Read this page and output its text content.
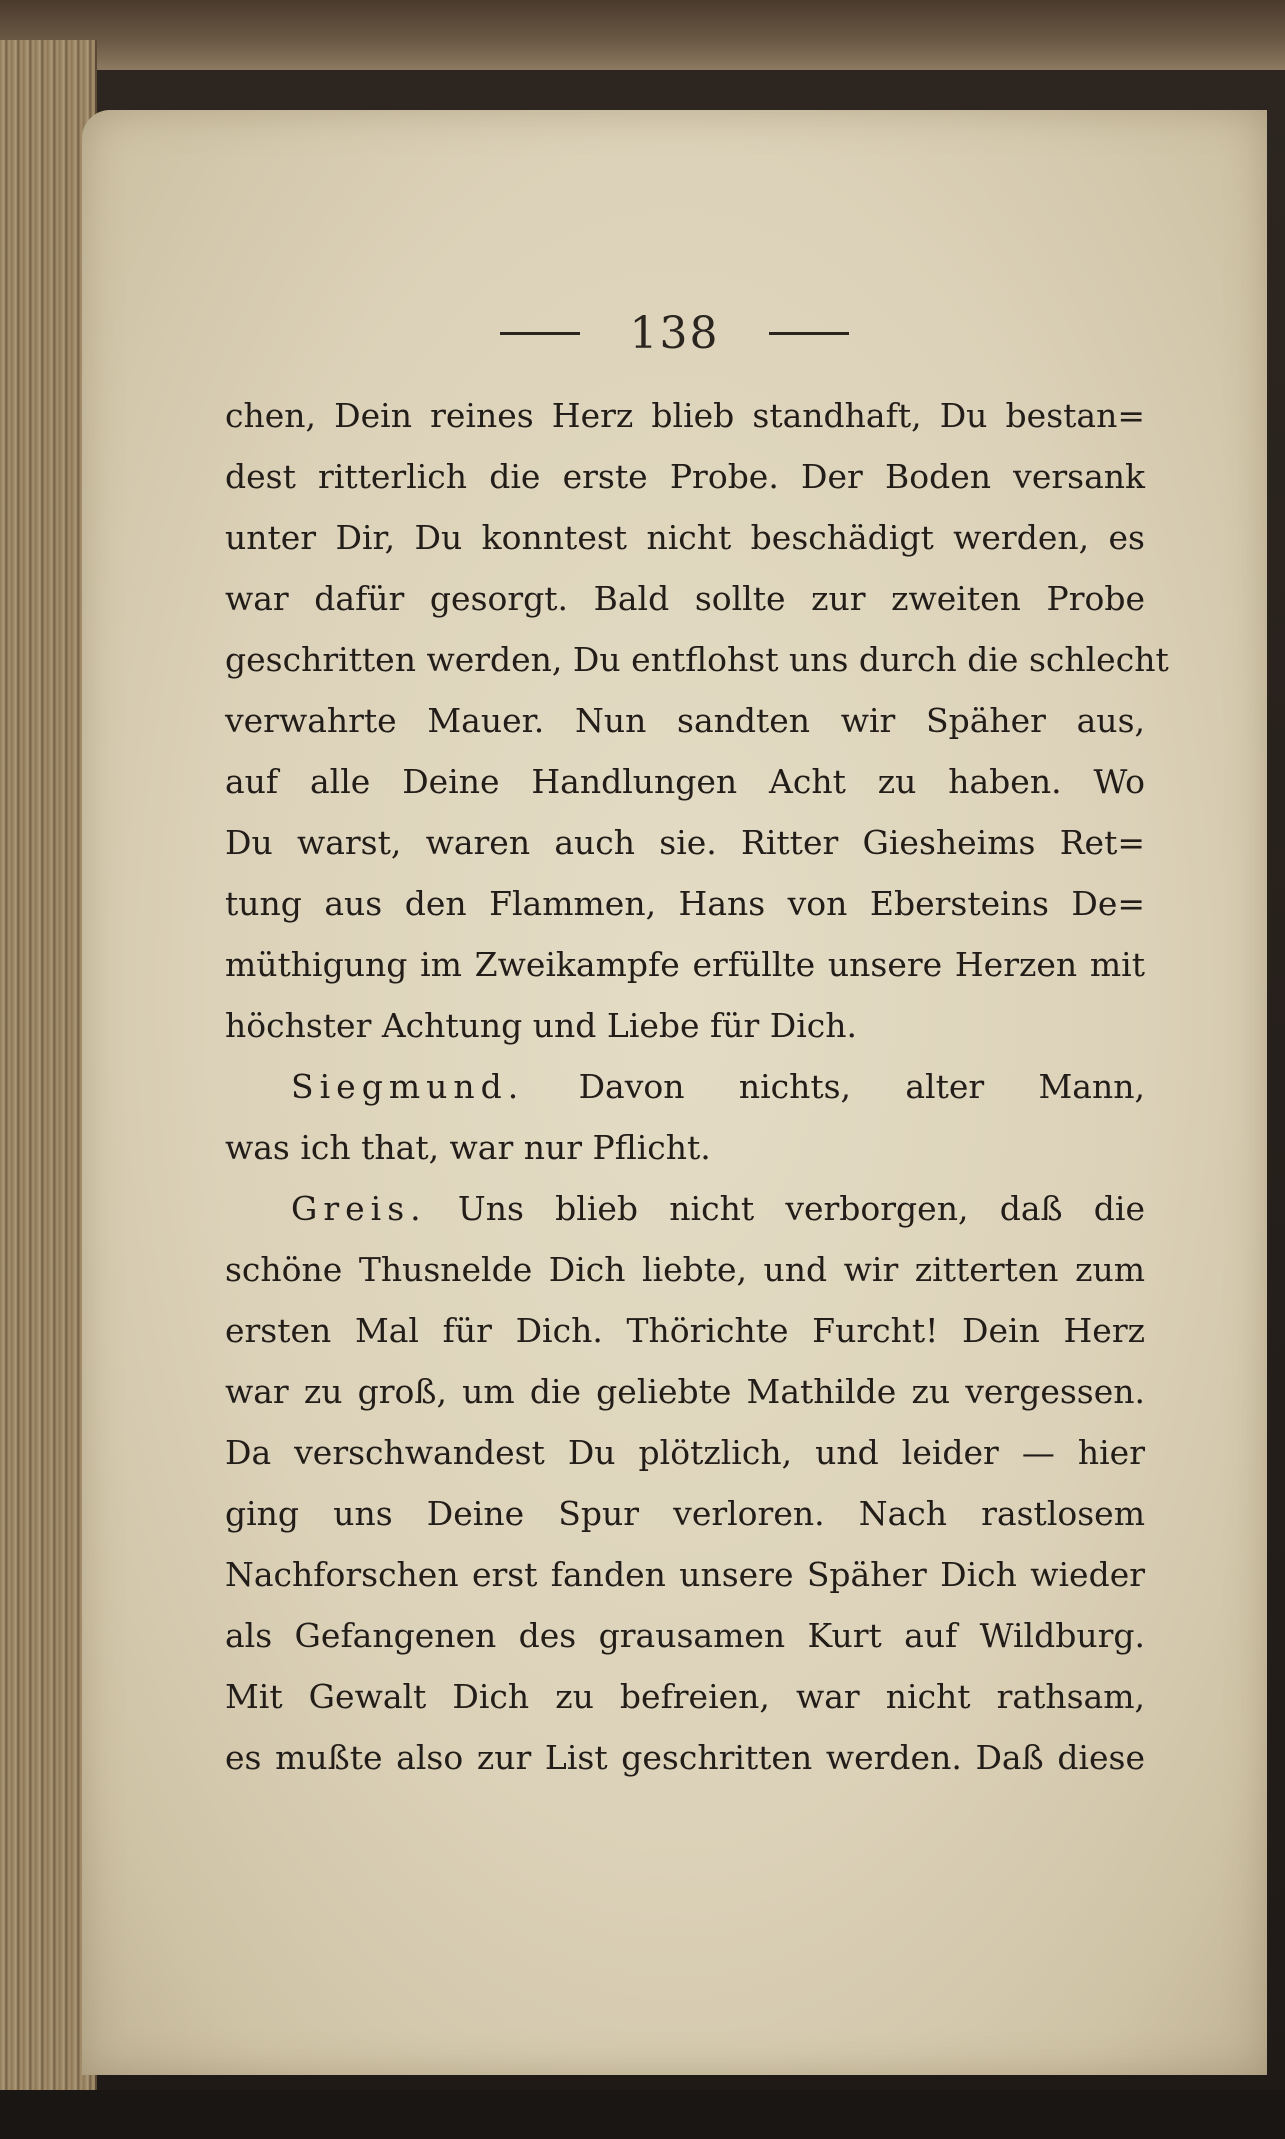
138
chen, Dein reines Herz blieb standhaft, Du bestan=
dest ritterlich die erste Probe. Der Boden versank
unter Dir, Du konntest nicht beschädigt werden, es
war dafür gesorgt. Bald sollte zur zweiten Probe
geschritten werden, Du entflohst uns durch die schlecht
verwahrte Mauer. Nun sandten wir Späher aus,
auf alle Deine Handlungen Acht zu haben. Wo
Du warst, waren auch sie. Ritter Giesheims Ret=
tung aus den Flammen, Hans von Ebersteins De=
müthigung im Zweikampfe erfüllte unsere Herzen mit
höchster Achtung und Liebe für Dich.
Siegmund. Davon nichts, alter Mann,
was ich that, war nur Pflicht.
Greis. Uns blieb nicht verborgen, daß die
schöne Thusnelde Dich liebte, und wir zitterten zum
ersten Mal für Dich. Thörichte Furcht! Dein Herz
war zu groß, um die geliebte Mathilde zu vergessen.
Da verschwandest Du plötzlich, und leider — hier
ging uns Deine Spur verloren. Nach rastlosem
Nachforschen erst fanden unsere Späher Dich wieder
als Gefangenen des grausamen Kurt auf Wildburg.
Mit Gewalt Dich zu befreien, war nicht rathsam,
es mußte also zur List geschritten werden. Daß diese
